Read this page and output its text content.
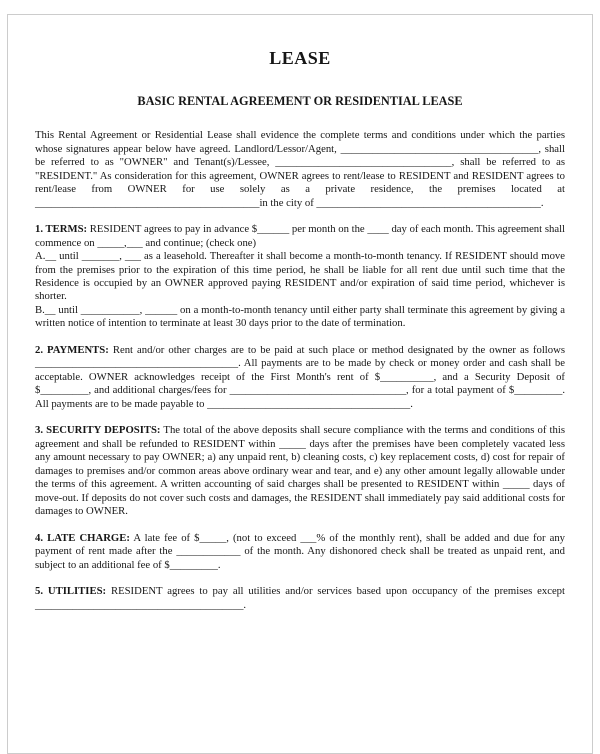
LEASE
BASIC RENTAL AGREEMENT OR RESIDENTIAL LEASE

This Rental Agreement or Residential Lease shall evidence the complete terms and conditions under which the parties whose signatures appear below have agreed. Landlord/Lessor/Agent, _____________________________________, shall be referred to as "OWNER" and Tenant(s)/Lessee, _________________________________, shall be referred to as "RESIDENT." As consideration for this agreement, OWNER agrees to rent/lease to RESIDENT and RESIDENT agrees to rent/lease from OWNER for use solely as a private residence, the premises located at __________________________________________in the city of __________________________________________.

1. TERMS: RESIDENT agrees to pay in advance $______ per month on the ____ day of each month. This agreement shall commence on _____,___ and continue; (check one)

A.__ until _______, ___ as a leasehold. Thereafter it shall become a month-to-month tenancy. If RESIDENT should move from the premises prior to the expiration of this time period, he shall be liable for all rent due until such time that the Residence is occupied by an OWNER approved paying RESIDENT and/or expiration of said time period, whichever is shorter.

B.__ until ___________, ______ on a month-to-month tenancy until either party shall terminate this agreement by giving a written notice of intention to terminate at least 30 days prior to the date of termination.

2. PAYMENTS: Rent and/or other charges are to be paid at such place or method designated by the owner as follows ______________________________________. All payments are to be made by check or money order and cash shall be acceptable. OWNER acknowledges receipt of the First Month's rent of $__________, and a Security Deposit of $_________, and additional charges/fees for _________________________________, for a total payment of $_________. All payments are to be made payable to ______________________________________.

3. SECURITY DEPOSITS: The total of the above deposits shall secure compliance with the terms and conditions of this agreement and shall be refunded to RESIDENT within _____ days after the premises have been completely vacated less any amount necessary to pay OWNER; a) any unpaid rent, b) cleaning costs, c) key replacement costs, d) cost for repair of damages to premises and/or common areas above ordinary wear and tear, and e) any other amount legally allowable under the terms of this agreement. A written accounting of said charges shall be presented to RESIDENT within _____ days of move-out. If deposits do not cover such costs and damages, the RESIDENT shall immediately pay said additional costs for damages to OWNER.

4. LATE CHARGE: A late fee of $_____, (not to exceed ___% of the monthly rent), shall be added and due for any payment of rent made after the ____________ of the month. Any dishonored check shall be treated as unpaid rent, and subject to an additional fee of $_________.

5. UTILITIES: RESIDENT agrees to pay all utilities and/or services based upon occupancy of the premises except _______________________________________.
